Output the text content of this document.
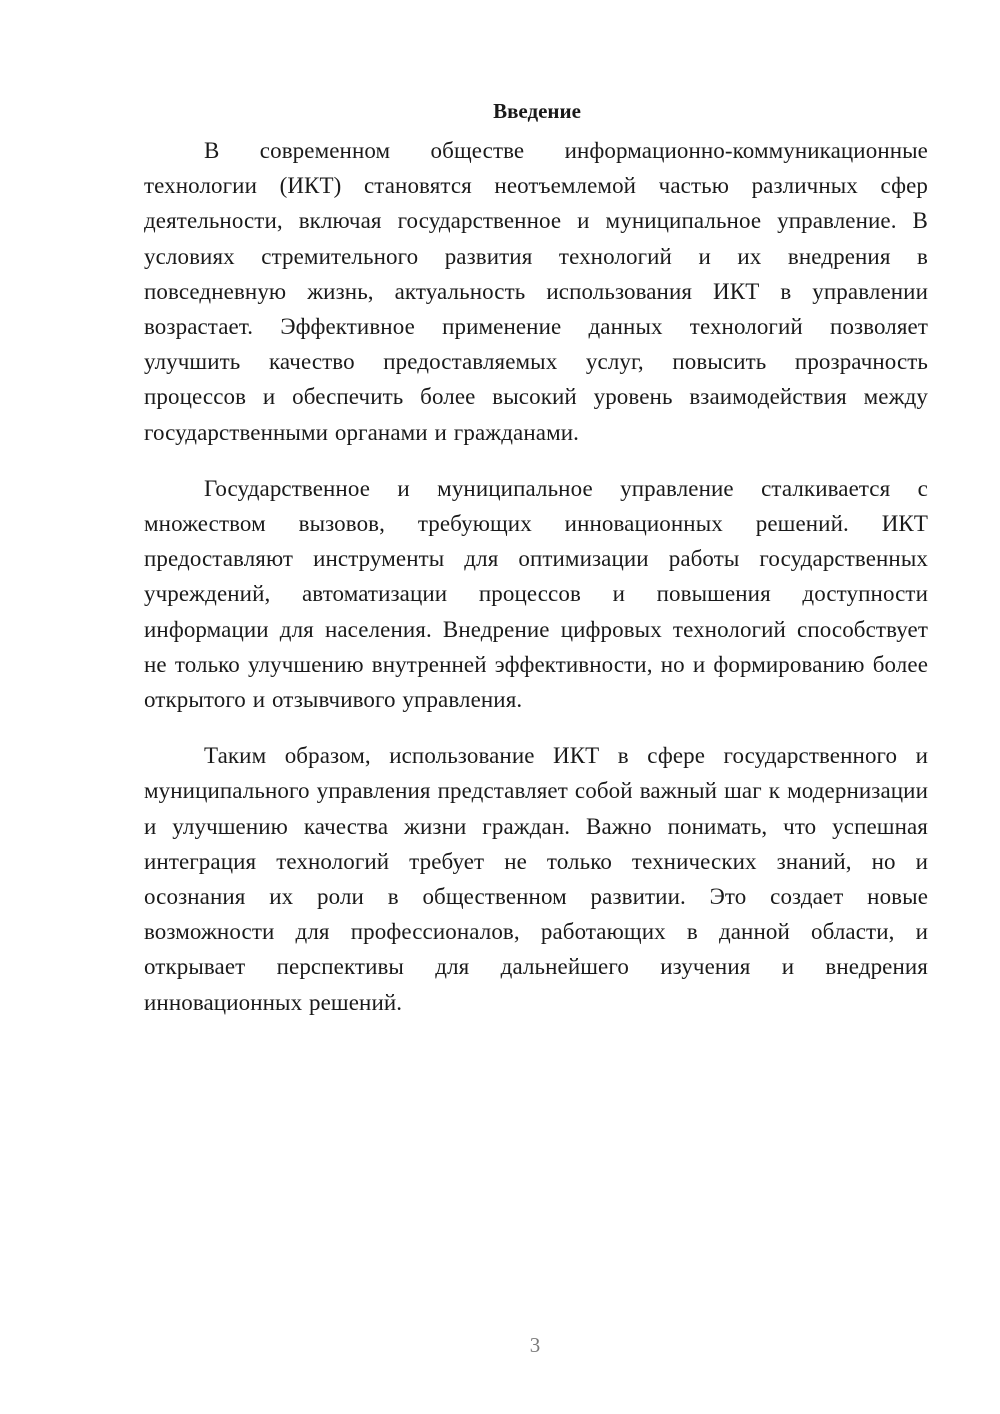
Введение

В современном обществе информационно-коммуникационные технологии (ИКТ) становятся неотъемлемой частью различных сфер деятельности, включая государственное и муниципальное управление. В условиях стремительного развития технологий и их внедрения в повседневную жизнь, актуальность использования ИКТ в управлении возрастает. Эффективное применение данных технологий позволяет улучшить качество предоставляемых услуг, повысить прозрачность процессов и обеспечить более высокий уровень взаимодействия между государственными органами и гражданами.

Государственное и муниципальное управление сталкивается с множеством вызовов, требующих инновационных решений. ИКТ предоставляют инструменты для оптимизации работы государственных учреждений, автоматизации процессов и повышения доступности информации для населения. Внедрение цифровых технологий способствует не только улучшению внутренней эффективности, но и формированию более открытого и отзывчивого управления.

Таким образом, использование ИКТ в сфере государственного и муниципального управления представляет собой важный шаг к модернизации и улучшению качества жизни граждан. Важно понимать, что успешная интеграция технологий требует не только технических знаний, но и осознания их роли в общественном развитии. Это создает новые возможности для профессионалов, работающих в данной области, и открывает перспективы для дальнейшего изучения и внедрения инновационных решений.

3
